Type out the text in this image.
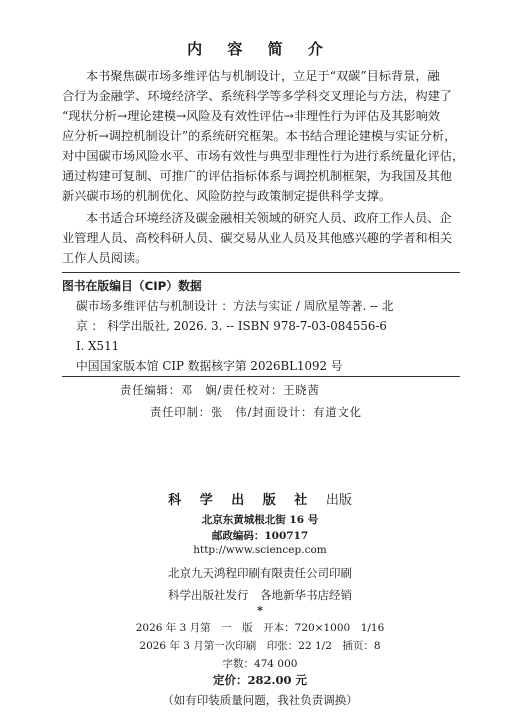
内 容 简 介
本书聚焦碳市场多维评估与机制设计，立足于“双碳”目标背景，融
合行为金融学、环境经济学、系统科学等多学科交叉理论与方法，构建了
“现状分析→理论建模→风险及有效性评估→非理性行为评估及其影响效
应分析→调控机制设计”的系统研究框架。本书结合理论建模与实证分析，
对中国碳市场风险水平、市场有效性与典型非理性行为进行系统量化评估，
通过构建可复制、可推广的评估指标体系与调控机制框架，为我国及其他
新兴碳市场的机制优化、风险防控与政策制定提供科学支撑。
本书适合环境经济及碳金融相关领域的研究人员、政府工作人员、企
业管理人员、高校科研人员、碳交易从业人员及其他感兴趣的学者和相关
工作人员阅读。
图书在版编目（CIP）数据
碳市场多维评估与机制设计 ：方法与实证 / 周欣星等著. -- 北
京 ： 科学出版社, 2026. 3. -- ISBN 978-7-03-084556-6
Ⅰ. X511
中国国家版本馆 CIP 数据核字第 2026BL1092 号
责任编辑：邓　娴/责任校对：王晓茜
责任印制：张　伟/封面设计：有道文化
科 学 出 版 社 出版
北京东黄城根北街 16 号
邮政编码：100717
http://www.sciencep.com
北京九天鸿程印刷有限责任公司印刷
科学出版社发行　各地新华书店经销
*
2026 年 3 月第　一　版　开本：720×1000　1/16
2026 年 3 月第一次印刷　印张：22 1/2　插页：8
字数：474 000
定价：282.00 元
（如有印装质量问题，我社负责调换）
